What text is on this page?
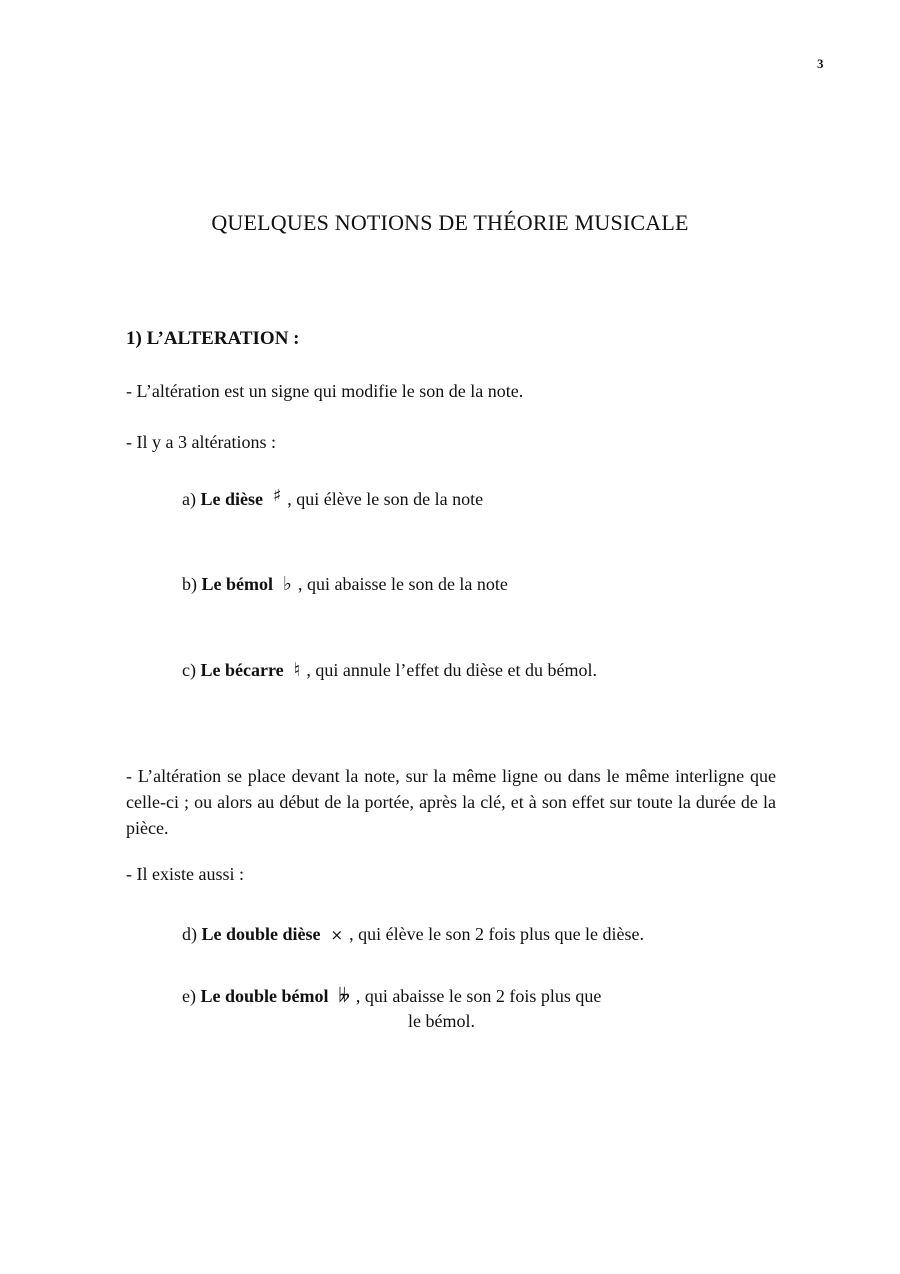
3
QUELQUES NOTIONS DE THÉORIE MUSICALE
1) L’ALTERATION :
- L’altération est un signe qui modifie le son de la note.
- Il y a 3 altérations :
a) Le dièse ♯ , qui élève le son de la note
b) Le bémol ♭ , qui abaisse le son de la note
c) Le bécarre ♮ , qui annule l’effet du dièse et du bémol.
- L’altération se place devant la note, sur la même ligne ou dans le même interligne que celle-ci ; ou alors au début de la portée, après la clé, et à son effet sur toute la durée de la pièce.
- Il existe aussi :
d) Le double dièse × , qui élève le son 2 fois plus que le dièse.
e) Le double bémol 𝄫 , qui abaisse le son 2 fois plus que
le bémol.
